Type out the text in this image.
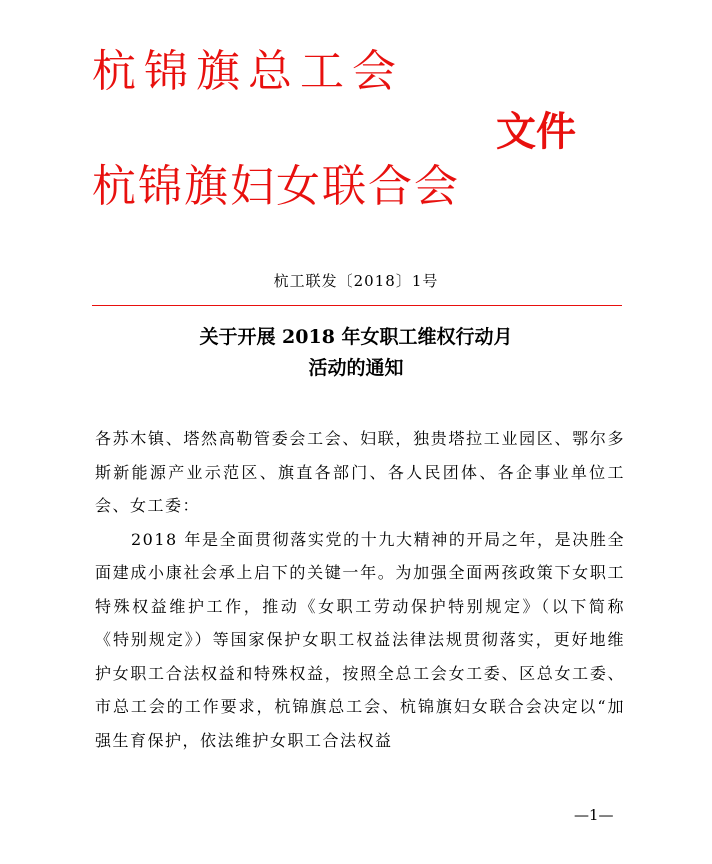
杭锦旗总工会
文件
杭锦旗妇女联合会
杭工联发〔2018〕1号
关于开展 2018 年女职工维权行动月
活动的通知

各苏木镇、塔然高勒管委会工会、妇联，独贵塔拉工业园区、鄂尔多斯新能源产业示范区、旗直各部门、各人民团体、各企事业单位工会、女工委：

2018 年是全面贯彻落实党的十九大精神的开局之年，是决胜全面建成小康社会承上启下的关键一年。为加强全面两孩政策下女职工特殊权益维护工作，推动《女职工劳动保护特别规定》（以下简称《特别规定》）等国家保护女职工权益法律法规贯彻落实，更好地维护女职工合法权益和特殊权益，按照全总工会女工委、区总女工委、市总工会的工作要求，杭锦旗总工会、杭锦旗妇女联合会决定以“加强生育保护，依法维护女职工合法权益

—1—
